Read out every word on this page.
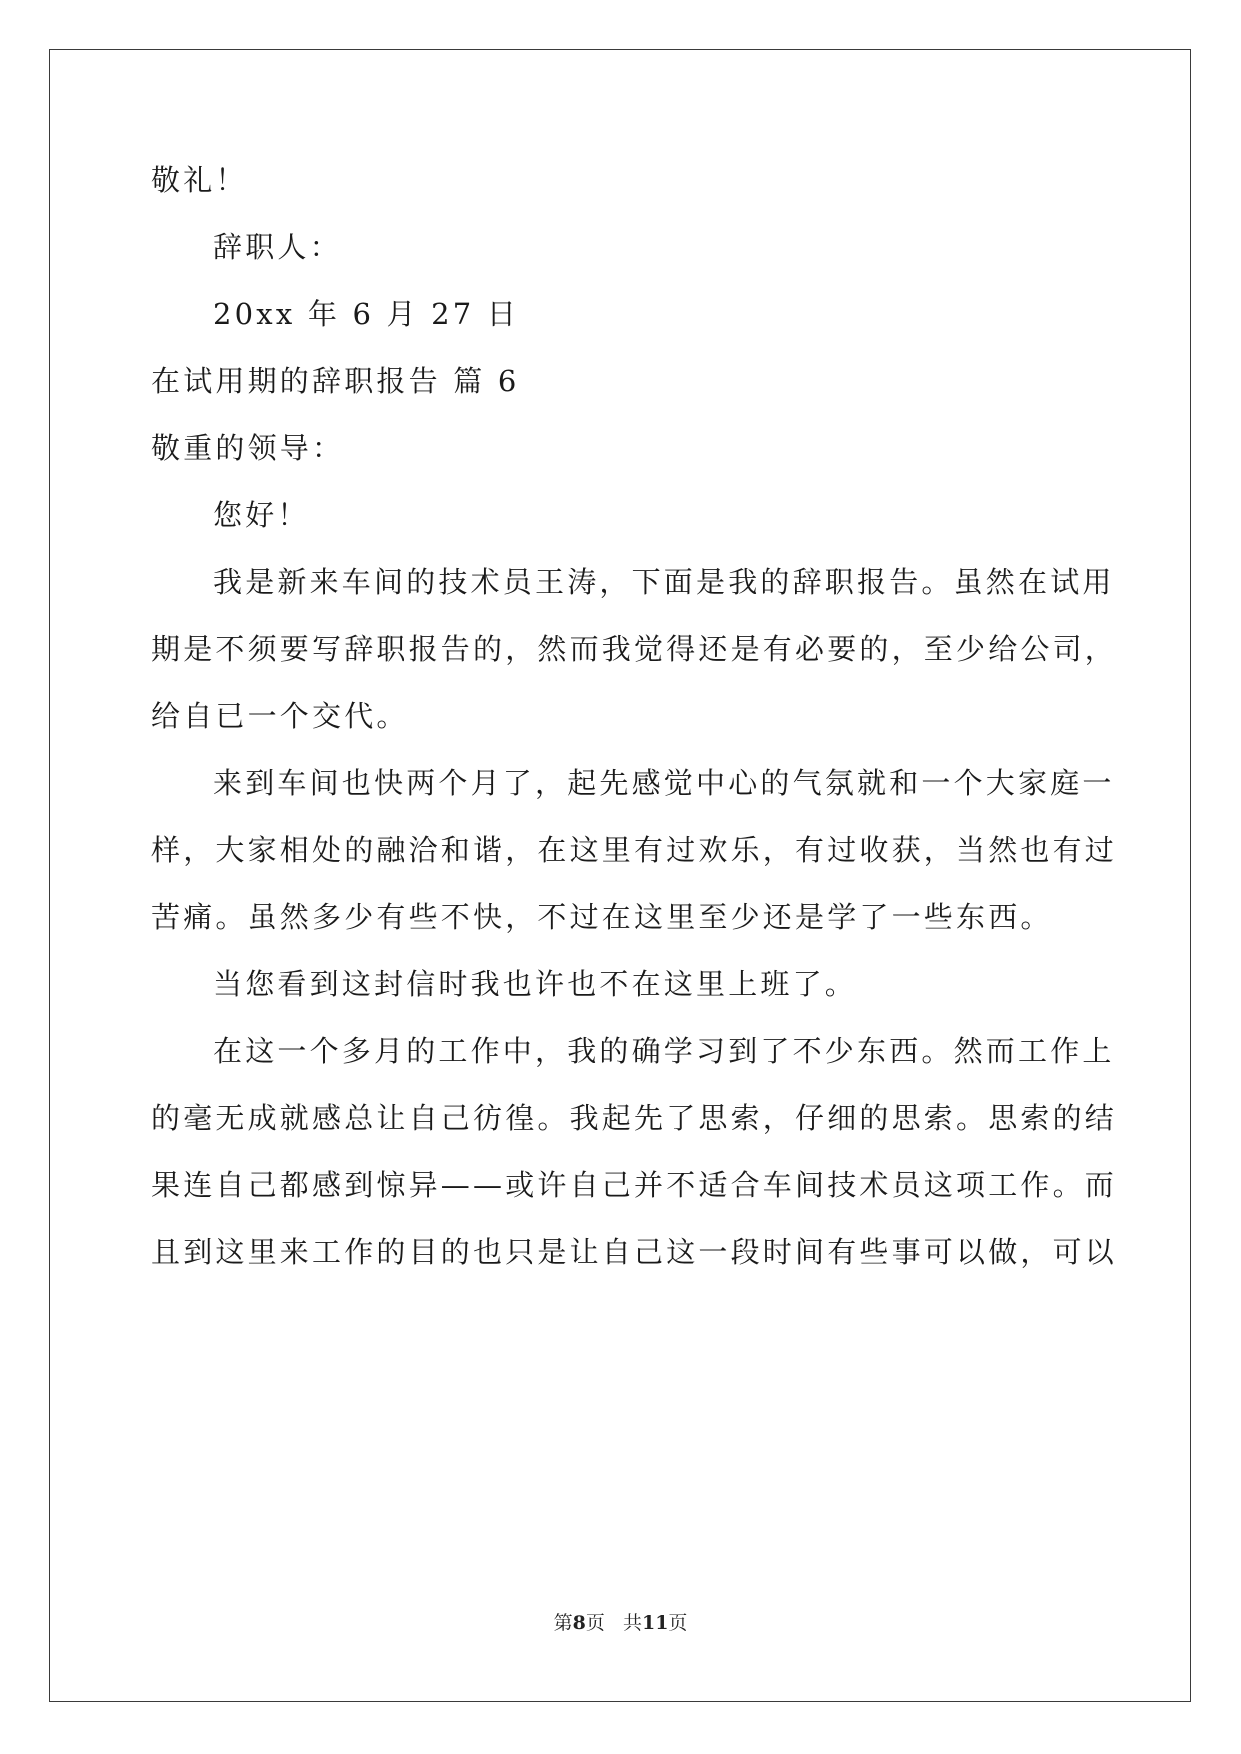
敬礼！
辞职人：
20xx 年 6 月 27 日
在试用期的辞职报告 篇 6
敬重的领导：
您好！
我是新来车间的技术员王涛，下面是我的辞职报告。虽然在试用
期是不须要写辞职报告的，然而我觉得还是有必要的，至少给公司，
给自已一个交代。
来到车间也快两个月了，起先感觉中心的气氛就和一个大家庭一
样，大家相处的融洽和谐，在这里有过欢乐，有过收获，当然也有过
苦痛。虽然多少有些不快，不过在这里至少还是学了一些东西。
当您看到这封信时我也许也不在这里上班了。
在这一个多月的工作中，我的确学习到了不少东西。然而工作上
的毫无成就感总让自己彷徨。我起先了思索，仔细的思索。思索的结
果连自己都感到惊异——或许自己并不适合车间技术员这项工作。而
且到这里来工作的目的也只是让自己这一段时间有些事可以做，可以
第8页 共11页
